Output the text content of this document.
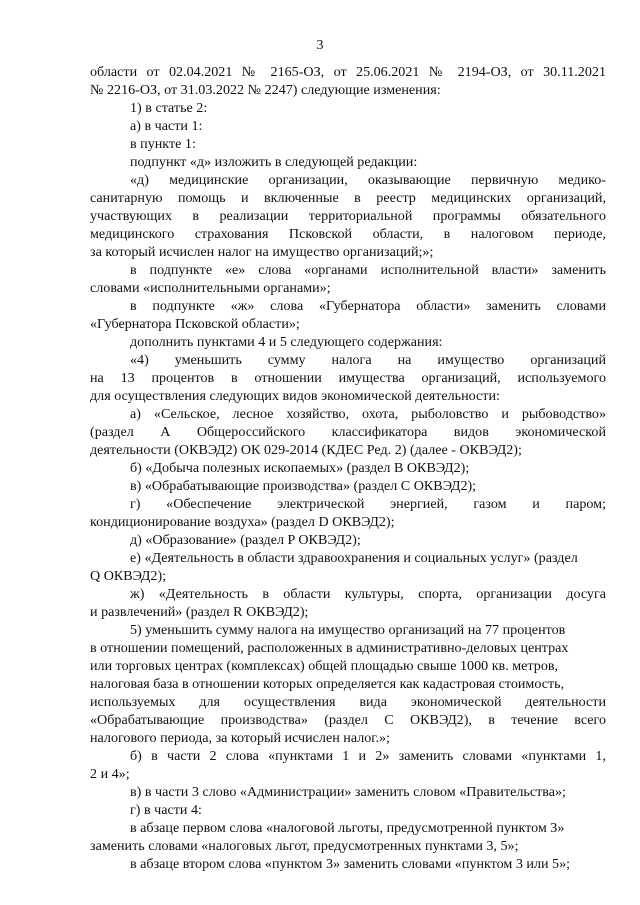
3
области от 02.04.2021 № 2165-ОЗ, от 25.06.2021 № 2194-ОЗ, от 30.11.2021
№ 2216-ОЗ, от 31.03.2022 № 2247) следующие изменения:
1) в статье 2:
а) в части 1:
в пункте 1:
подпункт «д» изложить в следующей редакции:
«д) медицинские организации, оказывающие первичную медико-
санитарную помощь и включенные в реестр медицинских организаций,
участвующих в реализации территориальной программы обязательного
медицинского страхования Псковской области, в налоговом периоде,
за который исчислен налог на имущество организаций;»;
в подпункте «е» слова «органами исполнительной власти» заменить
словами «исполнительными органами»;
в подпункте «ж» слова «Губернатора области» заменить словами
«Губернатора Псковской области»;
дополнить пунктами 4 и 5 следующего содержания:
«4) уменьшить сумму налога на имущество организаций
на 13 процентов в отношении имущества организаций, используемого
для осуществления следующих видов экономической деятельности:
а) «Сельское, лесное хозяйство, охота, рыболовство и рыбоводство»
(раздел А Общероссийского классификатора видов экономической
деятельности (ОКВЭД2) ОК 029-2014 (КДЕС Ред. 2) (далее - ОКВЭД2);
б) «Добыча полезных ископаемых» (раздел B ОКВЭД2);
в) «Обрабатывающие производства» (раздел C ОКВЭД2);
г) «Обеспечение электрической энергией, газом и паром;
кондиционирование воздуха» (раздел D ОКВЭД2);
д) «Образование» (раздел P ОКВЭД2);
е) «Деятельность в области здравоохранения и социальных услуг» (раздел
Q ОКВЭД2);
ж) «Деятельность в области культуры, спорта, организации досуга
и развлечений» (раздел R ОКВЭД2);
5) уменьшить сумму налога на имущество организаций на 77 процентов
в отношении помещений, расположенных в административно-деловых центрах
или торговых центрах (комплексах) общей площадью свыше 1000 кв. метров,
налоговая база в отношении которых определяется как кадастровая стоимость,
используемых для осуществления вида экономической деятельности
«Обрабатывающие производства» (раздел C ОКВЭД2), в течение всего
налогового периода, за который исчислен налог.»;
б) в части 2 слова «пунктами 1 и 2» заменить словами «пунктами 1,
2 и 4»;
в) в части 3 слово «Администрации» заменить словом «Правительства»;
г) в части 4:
в абзаце первом слова «налоговой льготы, предусмотренной пунктом 3»
заменить словами «налоговых льгот, предусмотренных пунктами 3, 5»;
в абзаце втором слова «пунктом 3» заменить словами «пунктом 3 или 5»;
